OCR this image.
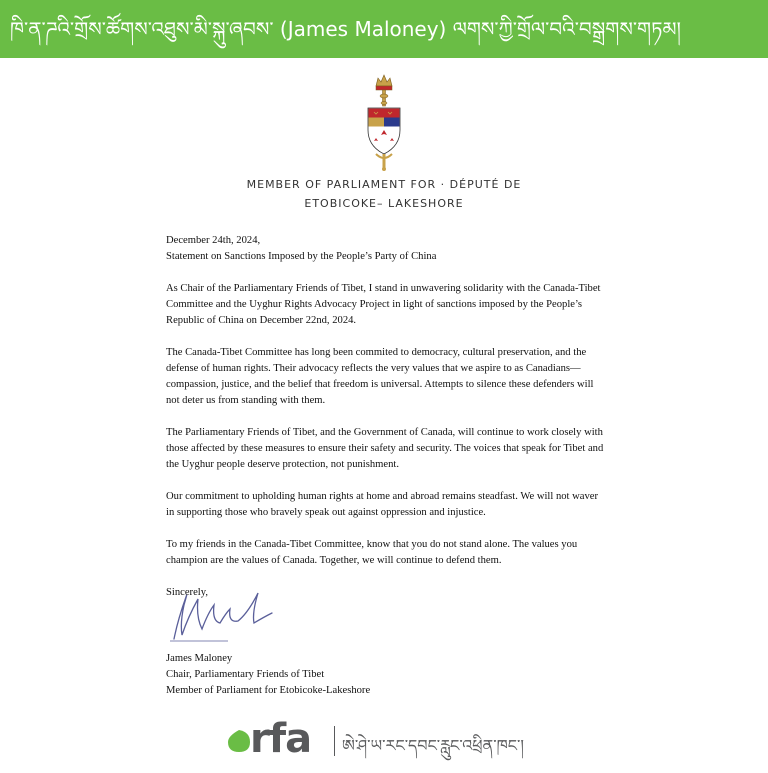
ཁི་ན་ཌའི་གྲོས་ཚོགས་འཐུས་མི་སྐུ་ཞབས་ (James Maloney) ལགས་ཀྱི་གྲོལ་བའི་བསྒྲགས་གཏམ།
MEMBER OF PARLIAMENT FOR · DÉPUTÉ DE
ETOBICOKE– LAKESHORE

December 24th, 2024,

Statement on Sanctions Imposed by the People’s Party of China

As Chair of the Parliamentary Friends of Tibet, I stand in unwavering solidarity with the Canada-Tibet Committee and the Uyghur Rights Advocacy Project in light of sanctions imposed by the People’s Republic of China on December 22nd, 2024.

The Canada-Tibet Committee has long been commited to democracy, cultural preservation, and the defense of human rights. Their advocacy reflects the very values that we aspire to as Canadians—compassion, justice, and the belief that freedom is universal. Attempts to silence these defenders will not deter us from standing with them.

The Parliamentary Friends of Tibet, and the Government of Canada, will continue to work closely with those affected by these measures to ensure their safety and security. The voices that speak for Tibet and the Uyghur people deserve protection, not punishment.

Our commitment to upholding human rights at home and abroad remains steadfast. We will not waver in supporting those who bravely speak out against oppression and injustice.

To my friends in the Canada-Tibet Committee, know that you do not stand alone. The values you champion are the values of Canada. Together, we will continue to defend them.

Sincerely,

James Maloney
Chair, Parliamentary Friends of Tibet
Member of Parliament for Etobicoke-Lakeshore
rfa ཨེ་ཤེ་ཡ་རང་དབང་རླུང་འཕྲིན་ཁང་།
